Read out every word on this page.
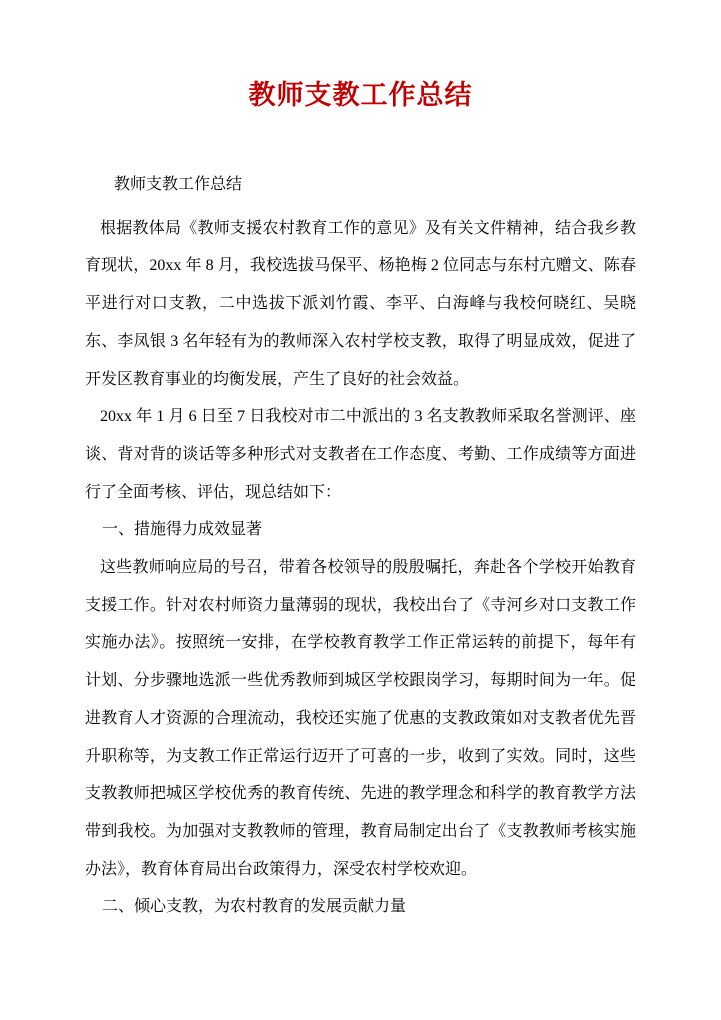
教师支教工作总结

教师支教工作总结

根据教体局《教师支援农村教育工作的意见》及有关文件精神，结合我乡教育现状，20xx 年 8 月，我校选拔马保平、杨艳梅 2 位同志与东村亢赠文、陈春平进行对口支教，二中选拔下派刘竹霞、李平、白海峰与我校何晓红、吴晓东、李凤银 3 名年轻有为的教师深入农村学校支教，取得了明显成效，促进了开发区教育事业的均衡发展，产生了良好的社会效益。

20xx 年 1 月 6 日至 7 日我校对市二中派出的 3 名支教教师采取名誉测评、座谈、背对背的谈话等多种形式对支教者在工作态度、考勤、工作成绩等方面进行了全面考核、评估，现总结如下：

一、措施得力成效显著

这些教师响应局的号召，带着各校领导的殷殷嘱托，奔赴各个学校开始教育支援工作。针对农村师资力量薄弱的现状，我校出台了《寺河乡对口支教工作实施办法》。按照统一安排，在学校教育教学工作正常运转的前提下，每年有计划、分步骤地选派一些优秀教师到城区学校跟岗学习，每期时间为一年。促进教育人才资源的合理流动，我校还实施了优惠的支教政策如对支教者优先晋升职称等，为支教工作正常运行迈开了可喜的一步，收到了实效。同时，这些支教教师把城区学校优秀的教育传统、先进的教学理念和科学的教育教学方法带到我校。为加强对支教教师的管理，教育局制定出台了《支教教师考核实施办法》，教育体育局出台政策得力，深受农村学校欢迎。

二、倾心支教，为农村教育的发展贡献力量
